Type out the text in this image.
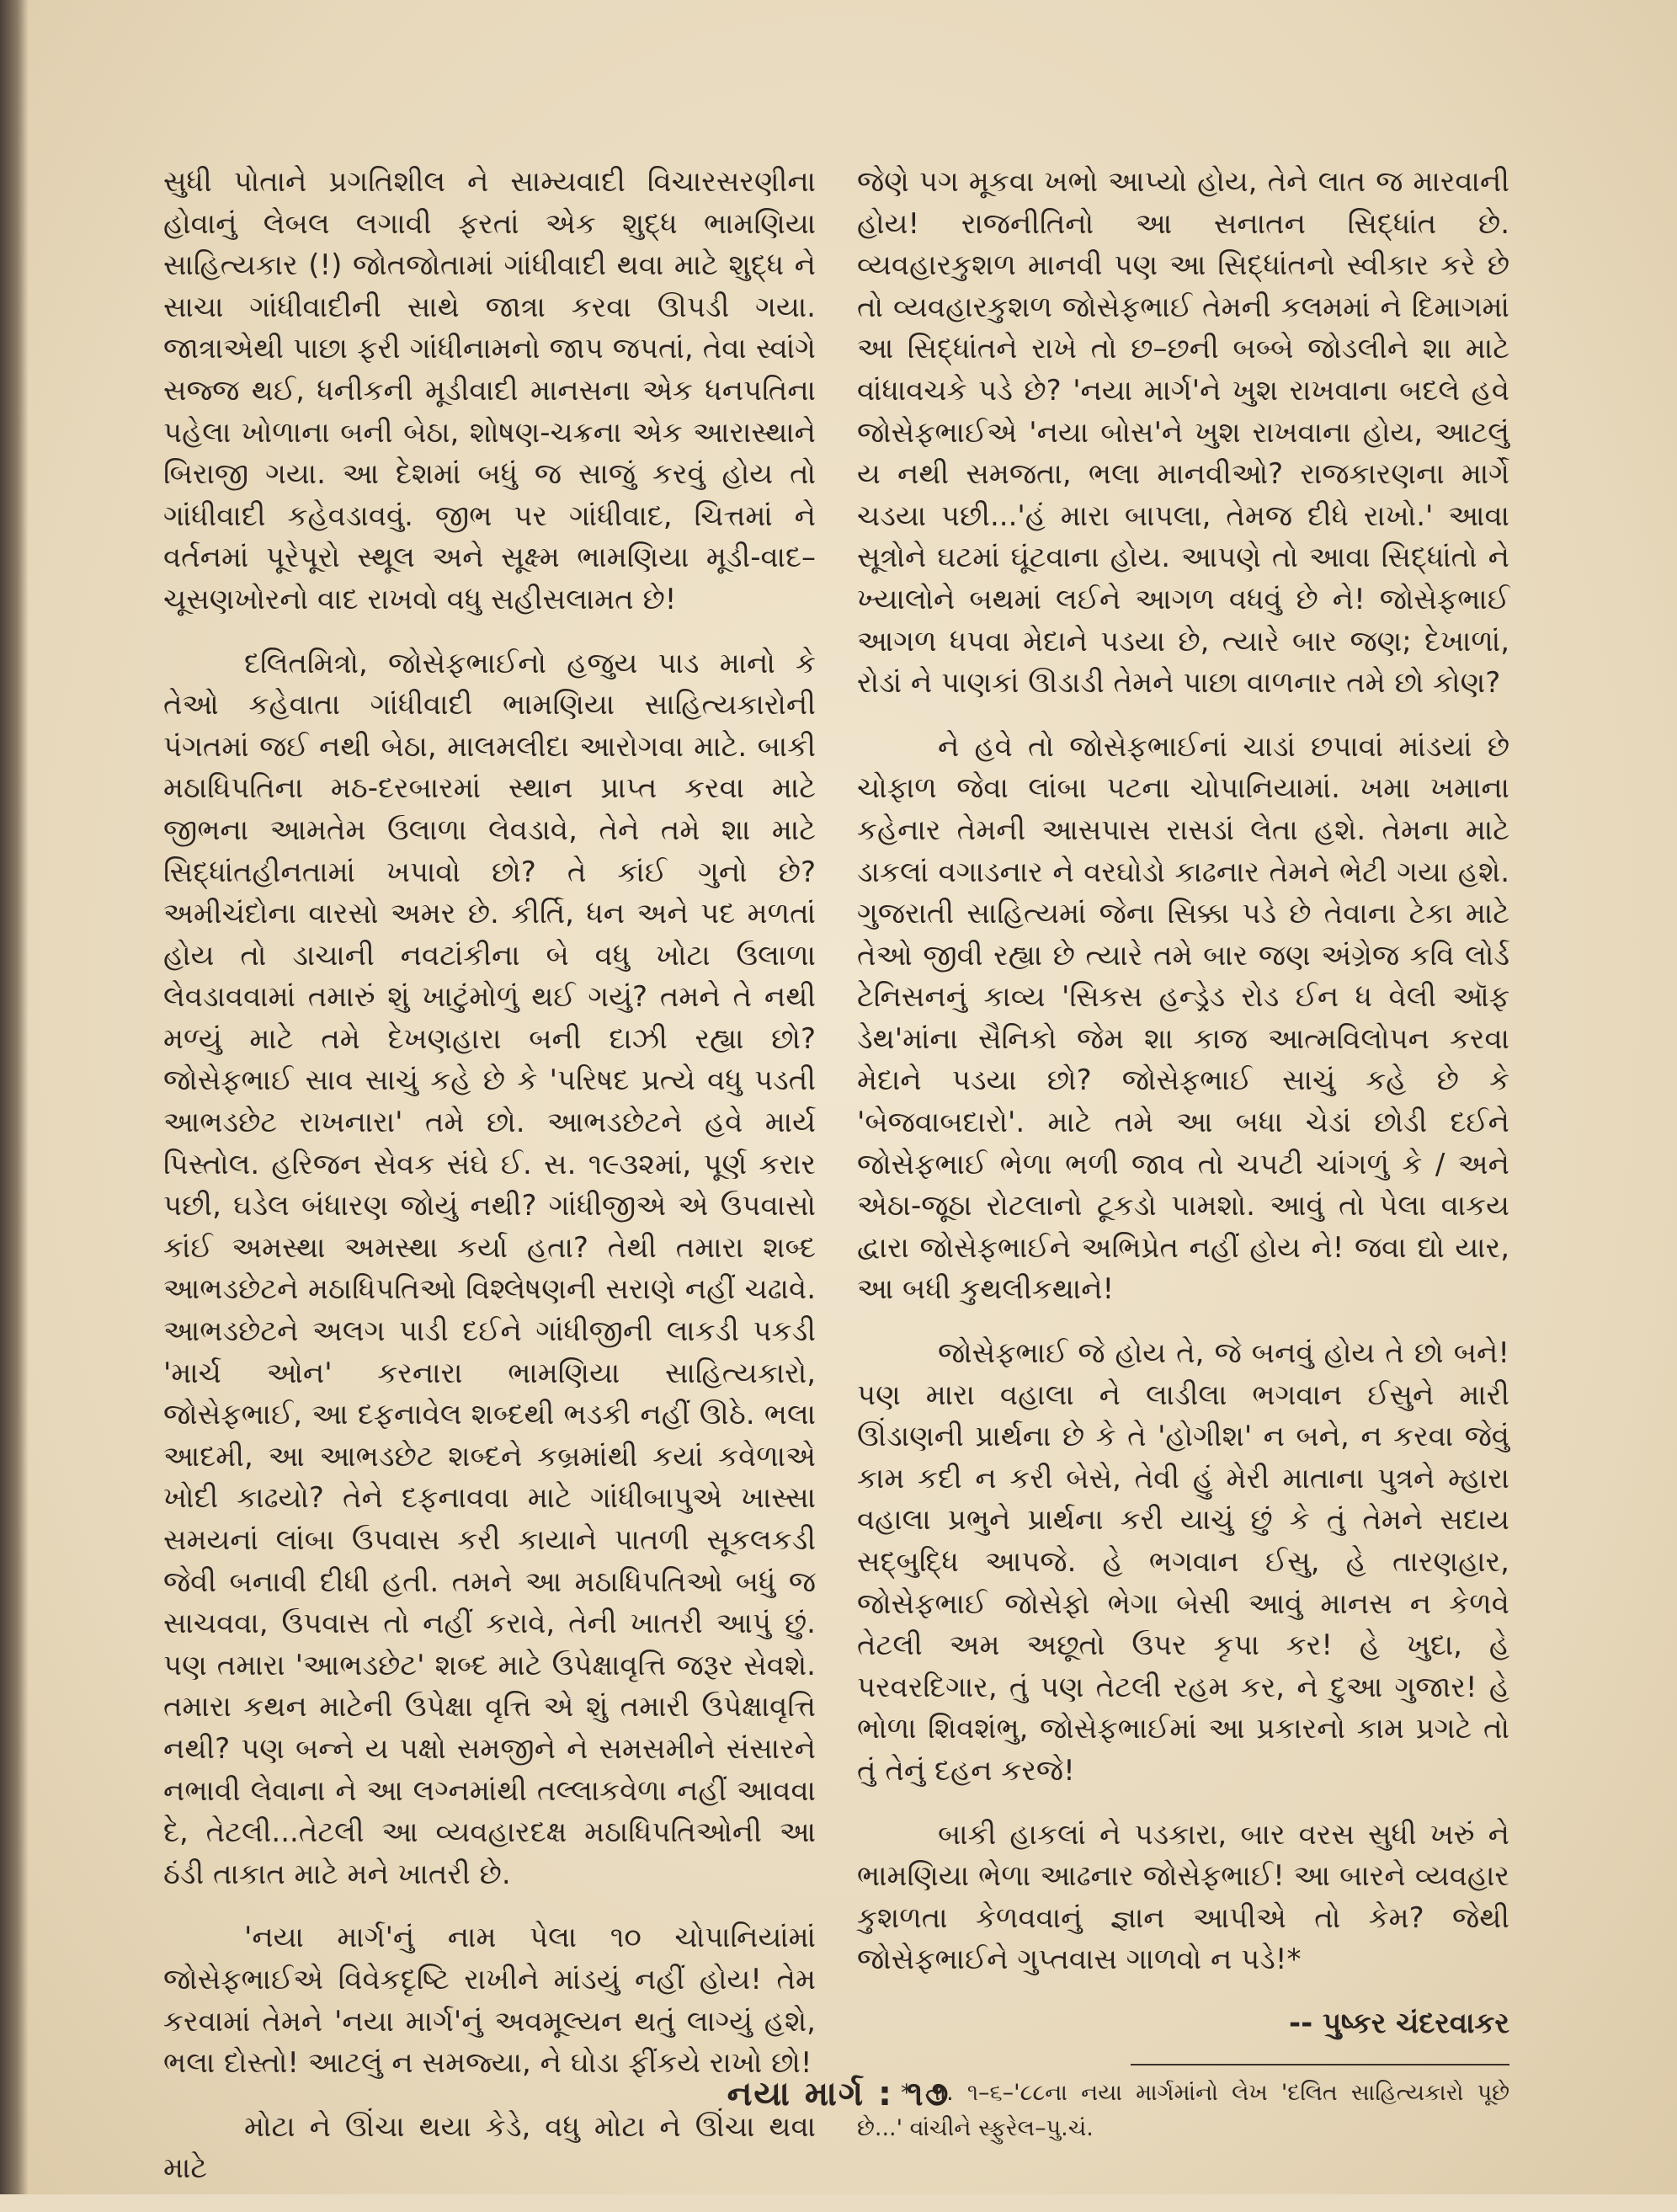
સુધી પોતાને પ્રગતિશીલ ને સામ્યવાદી વિચારસરણીના હોવાનું લેબલ લગાવી ફરતાં એક શુદ્ધ ભામણિયા સાહિત્યકાર (!) જોતજોતામાં ગાંધીવાદી થવા માટે શુદ્ધ ને સાચા ગાંધીવાદીની સાથે જાત્રા કરવા ઊપડી ગયા. જાત્રાએથી પાછા ફરી ગાંધીનામનો જાપ જપતાં, તેવા સ્વાંગે સજ્જ થઈ, ધનીકની મૂડીવાદી માનસના એક ધનપતિના પહેલા ખોળાના બની બેઠા, શોષણ-ચક્રના એક આરાસ્થાને બિરાજી ગયા. આ દેશમાં બધું જ સાજું કરવું હોય તો ગાંધીવાદી કહેવડાવવું. જીભ પર ગાંધીવાદ, ચિત્તમાં ને વર્તનમાં પૂરેપૂરો સ્થૂલ અને સૂક્ષ્મ ભામણિયા મૂડી-વાદ–ચૂસણખોરનો વાદ રાખવો વધુ સહીસલામત છે!

દલિતમિત્રો, જોસેફભાઈનો હજુય પાડ માનો કે તેઓ કહેવાતા ગાંધીવાદી ભામણિયા સાહિત્યકારોની પંગતમાં જઈ નથી બેઠા, માલમલીદા આરોગવા માટે. બાકી મઠાધિપતિના મઠ-દરબારમાં સ્થાન પ્રાપ્ત કરવા માટે જીભના આમતેમ ઉલાળા લેવડાવે, તેને તમે શા માટે સિદ્ધાંતહીનતામાં ખપાવો છો? તે કાંઈ ગુનો છે? અમીચંદોના વારસો અમર છે. કીર્તિ, ધન અને પદ મળતાં હોય તો ડાચાની નવટાંકીના બે વધુ ખોટા ઉલાળા લેવડાવવામાં તમારું શું ખાટુંમોળું થઈ ગયું? તમને તે નથી મળ્યું માટે તમે દેખણહારા બની દાઝી રહ્યા છો? જોસેફભાઈ સાવ સાચું કહે છે કે 'પરિષદ પ્રત્યે વધુ પડતી આભડછેટ રાખનારા' તમે છો. આભડછેટને હવે માર્ય પિસ્તોલ. હરિજન સેવક સંઘે ઈ. સ. ૧૯૩૨માં, પૂર્ણ કરાર પછી, ઘડેલ બંધારણ જોયું નથી? ગાંધીજીએ એ ઉપવાસો કાંઈ અમસ્થા અમસ્થા કર્યા હતા? તેથી તમારા શબ્દ આભડછેટને મઠાધિપતિઓ વિશ્લેષણની સરાણે નહીં ચઢાવે. આભડછેટને અલગ પાડી દઈને ગાંધીજીની લાકડી પકડી 'માર્ચ ઓન' કરનારા ભામણિયા સાહિત્યકારો, જોસેફભાઈ, આ દફનાવેલ શબ્દથી ભડકી નહીં ઊઠે. ભલા આદમી, આ આભડછેટ શબ્દને કબ્રમાંથી કયાં કવેળાએ ખોદી કાઢયો? તેને દફનાવવા માટે ગાંધીબાપુએ ખાસ્સા સમયનાં લાંબા ઉપવાસ કરી કાયાને પાતળી સૂકલકડી જેવી બનાવી દીધી હતી. તમને આ મઠાધિપતિઓ બધું જ સાચવવા, ઉપવાસ તો નહીં કરાવે, તેની ખાતરી આપું છું. પણ તમારા 'આભડછેટ' શબ્દ માટે ઉપેક્ષાવૃત્તિ જરૂર સેવશે. તમારા કથન માટેની ઉપેક્ષા વૃત્તિ એ શું તમારી ઉપેક્ષાવૃત્તિ નથી? પણ બન્ને ય પક્ષો સમજીને ને સમસમીને સંસારને નભાવી લેવાના ને આ લગ્નમાંથી તલ્લાકવેળા નહીં આવવા દે, તેટલી...તેટલી આ વ્યવહારદક્ષ મઠાધિપતિઓની આ ઠંડી તાકાત માટે મને ખાતરી છે.

'નયા માર્ગ'નું નામ પેલા ૧૦ ચોપાનિયાંમાં જોસેફભાઈએ વિવેકદૃષ્ટિ રાખીને માંડયું નહીં હોય! તેમ કરવામાં તેમને 'નયા માર્ગ'નું અવમૂલ્યન થતું લાગ્યું હશે, ભલા દોસ્તો! આટલું ન સમજ્યા, ને ઘોડા ફીંકયે રાખો છો!

મોટા ને ઊંચા થયા કેડે, વધુ મોટા ને ઊંચા થવા માટે

જેણે પગ મૂકવા ખભો આપ્યો હોય, તેને લાત જ મારવાની હોય! રાજનીતિનો આ સનાતન સિદ્ધાંત છે. વ્યવહારકુશળ માનવી પણ આ સિદ્ધાંતનો સ્વીકાર કરે છે તો વ્યવહારકુશળ જોસેફભાઈ તેમની કલમમાં ને દિમાગમાં આ સિદ્ધાંતને રાખે તો છ–છની બબ્બે જોડલીને શા માટે વાંધાવચકે પડે છે? 'નયા માર્ગ'ને ખુશ રાખવાના બદલે હવે જોસેફભાઈએ 'નયા બોસ'ને ખુશ રાખવાના હોય, આટલું ય નથી સમજતા, ભલા માનવીઓ? રાજકારણના માર્ગે ચડયા પછી...'હં મારા બાપલા, તેમજ દીધે રાખો.' આવા સૂત્રોને ઘટમાં ઘૂંટવાના હોય. આપણે તો આવા સિદ્ધાંતો ને ખ્યાલોને બથમાં લઈને આગળ વધવું છે ને! જોસેફભાઈ આગળ ધપવા મેદાને પડયા છે, ત્યારે બાર જણ; દેખાળાં, રોડાં ને પાણકાં ઊડાડી તેમને પાછા વાળનાર તમે છો કોણ?

ને હવે તો જોસેફભાઈનાં ચાડાં છપાવાં માંડયાં છે ચોફાળ જેવા લાંબા પટના ચોપાનિયામાં. ખમા ખમાના કહેનાર તેમની આસપાસ રાસડાં લેતા હશે. તેમના માટે ડાકલાં વગાડનાર ને વરઘોડો કાઢનાર તેમને ભેટી ગયા હશે. ગુજરાતી સાહિત્યમાં જેના સિક્કા પડે છે તેવાના ટેકા માટે તેઓ જીવી રહ્યા છે ત્યારે તમે બાર જણ અંગ્રેજ કવિ લોર્ડ ટેનિસનનું કાવ્ય 'સિકસ હન્ડ્રેડ રોડ ઈન ધ વેલી ઑફ ડેથ'માંના સૈનિકો જેમ શા કાજ આત્મવિલોપન કરવા મેદાને પડયા છો? જોસેફભાઈ સાચું કહે છે કે 'બેજવાબદારો'. માટે તમે આ બધા ચેડાં છોડી દઈને જોસેફભાઈ ભેળા ભળી જાવ તો ચપટી ચાંગળું કે / અને એઠા-જૂઠા રોટલાનો ટૂકડો પામશો. આવું તો પેલા વાકય દ્વારા જોસેફભાઈને અભિપ્રેત નહીં હોય ને! જવા દ્યો યાર, આ બધી કુથલીકથાને!

જોસેફભાઈ જે હોય તે, જે બનવું હોય તે છો બને! પણ મારા વહાલા ને લાડીલા ભગવાન ઈસુને મારી ઊંડાણની પ્રાર્થના છે કે તે 'હોગીશ' ન બને, ન કરવા જેવું કામ કદી ન કરી બેસે, તેવી હું મેરી માતાના પુત્રને મ્હારા વહાલા પ્રભુને પ્રાર્થના કરી યાચું છું કે તું તેમને સદાય સદ્બુદ્ધિ આપજે. હે ભગવાન ઈસુ, હે તારણહાર, જોસેફભાઈ જોસેફો ભેગા બેસી આવું માનસ ન કેળવે તેટલી અમ અછૂતો ઉપર કૃપા કર! હે ખુદા, હે પરવરદિગાર, તું પણ તેટલી રહમ કર, ને દુઆ ગુજાર! હે ભોળા શિવશંભુ, જોસેફભાઈમાં આ પ્રકારનો કામ પ્રગટે તો તું તેનું દહન કરજે!

બાકી હાકલાં ને પડકારા, બાર વરસ સુધી ખરું ને ભામણિયા ભેળા આઢનાર જોસેફભાઈ! આ બારને વ્યવહાર કુશળતા કેળવવાનું જ્ઞાન આપીએ તો કેમ? જેથી જોસેફભાઈને ગુપ્તવાસ ગાળવો ન પડે!*

-- પુષ્કર ચંદરવાકર
* તા. ૧–૬–'૮૮ના નયા માર્ગમાંનો લેખ 'દલિત સાહિત્યકારો પૂછે છે...' વાંચીને સ્ફુરેલ–પુ.ચં.
નયા માર્ગ : ૧૭
